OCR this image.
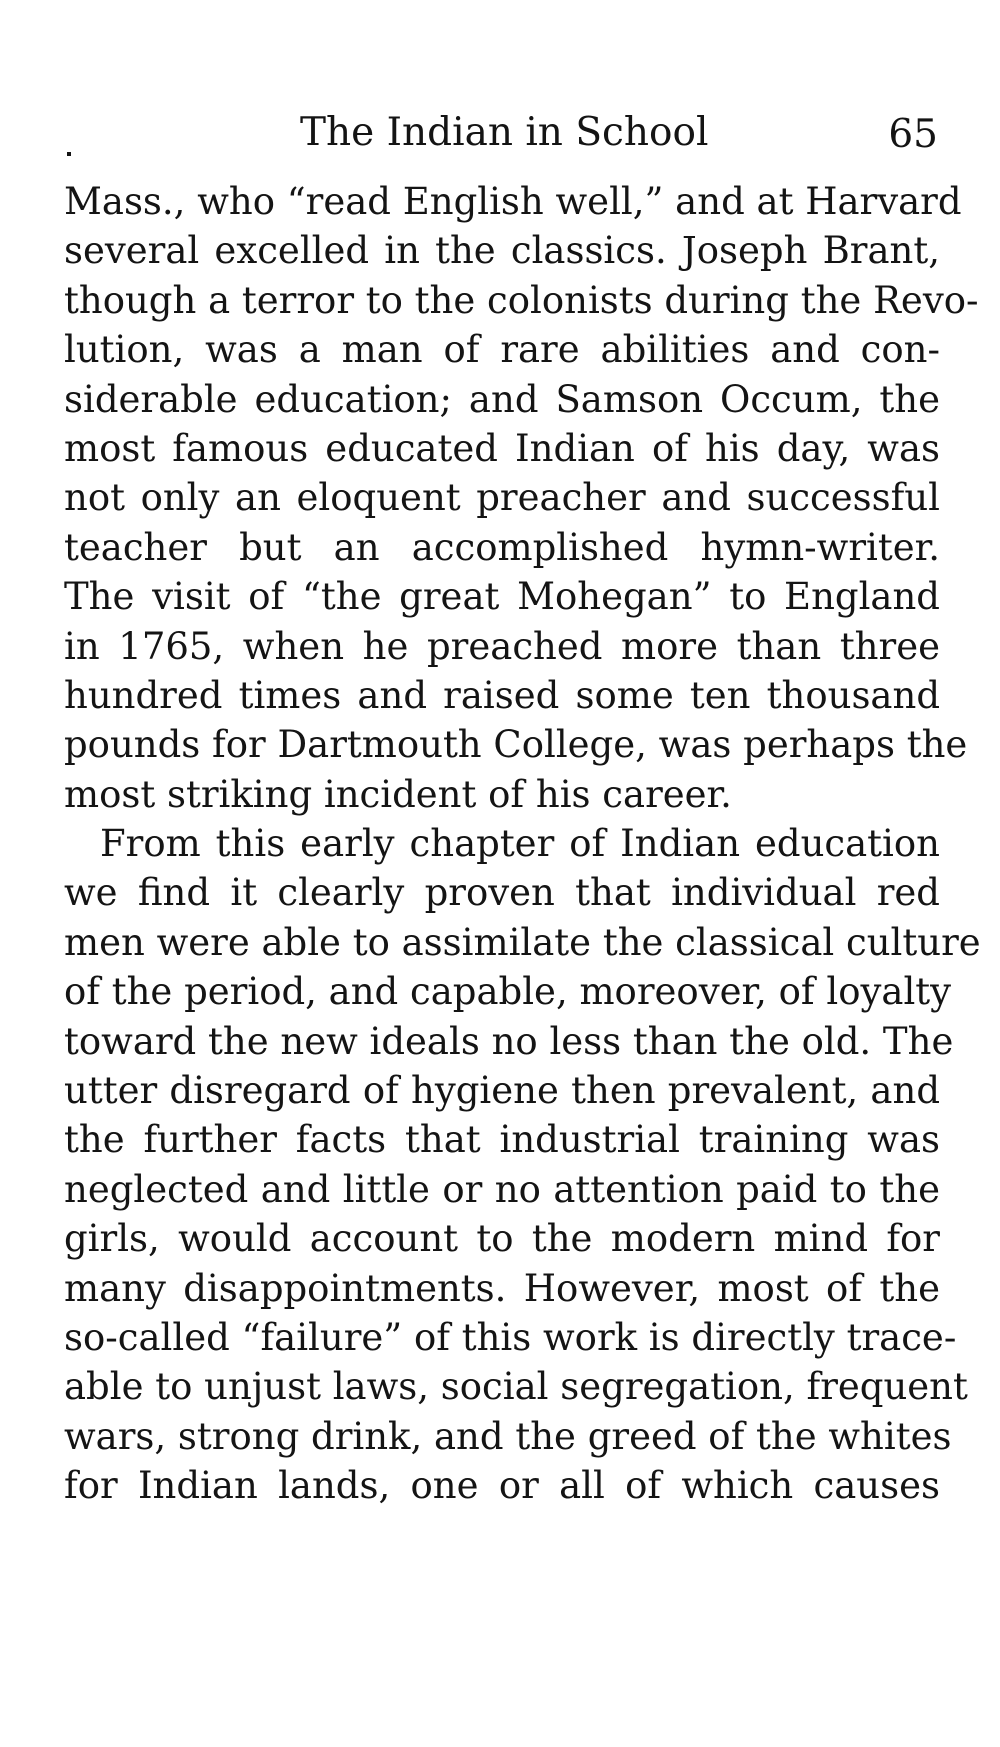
The Indian in School	65
Mass., who “read English well,” and at Harvard
several excelled in the classics. Joseph Brant,
though a terror to the colonists during the Revo-
lution, was a man of rare abilities and con-
siderable education; and Samson Occum, the
most famous educated Indian of his day, was
not only an eloquent preacher and successful
teacher but an accomplished hymn-writer.
The visit of “the great Mohegan” to England
in 1765, when he preached more than three
hundred times and raised some ten thousand
pounds for Dartmouth College, was perhaps the
most striking incident of his career.
From this early chapter of Indian education
we find it clearly proven that individual red
men were able to assimilate the classical culture
of the period, and capable, moreover, of loyalty
toward the new ideals no less than the old. The
utter disregard of hygiene then prevalent, and
the further facts that industrial training was
neglected and little or no attention paid to the
girls, would account to the modern mind for
many disappointments. However, most of the
so-called “failure” of this work is directly trace-
able to unjust laws, social segregation, frequent
wars, strong drink, and the greed of the whites
for Indian lands, one or all of which causes
